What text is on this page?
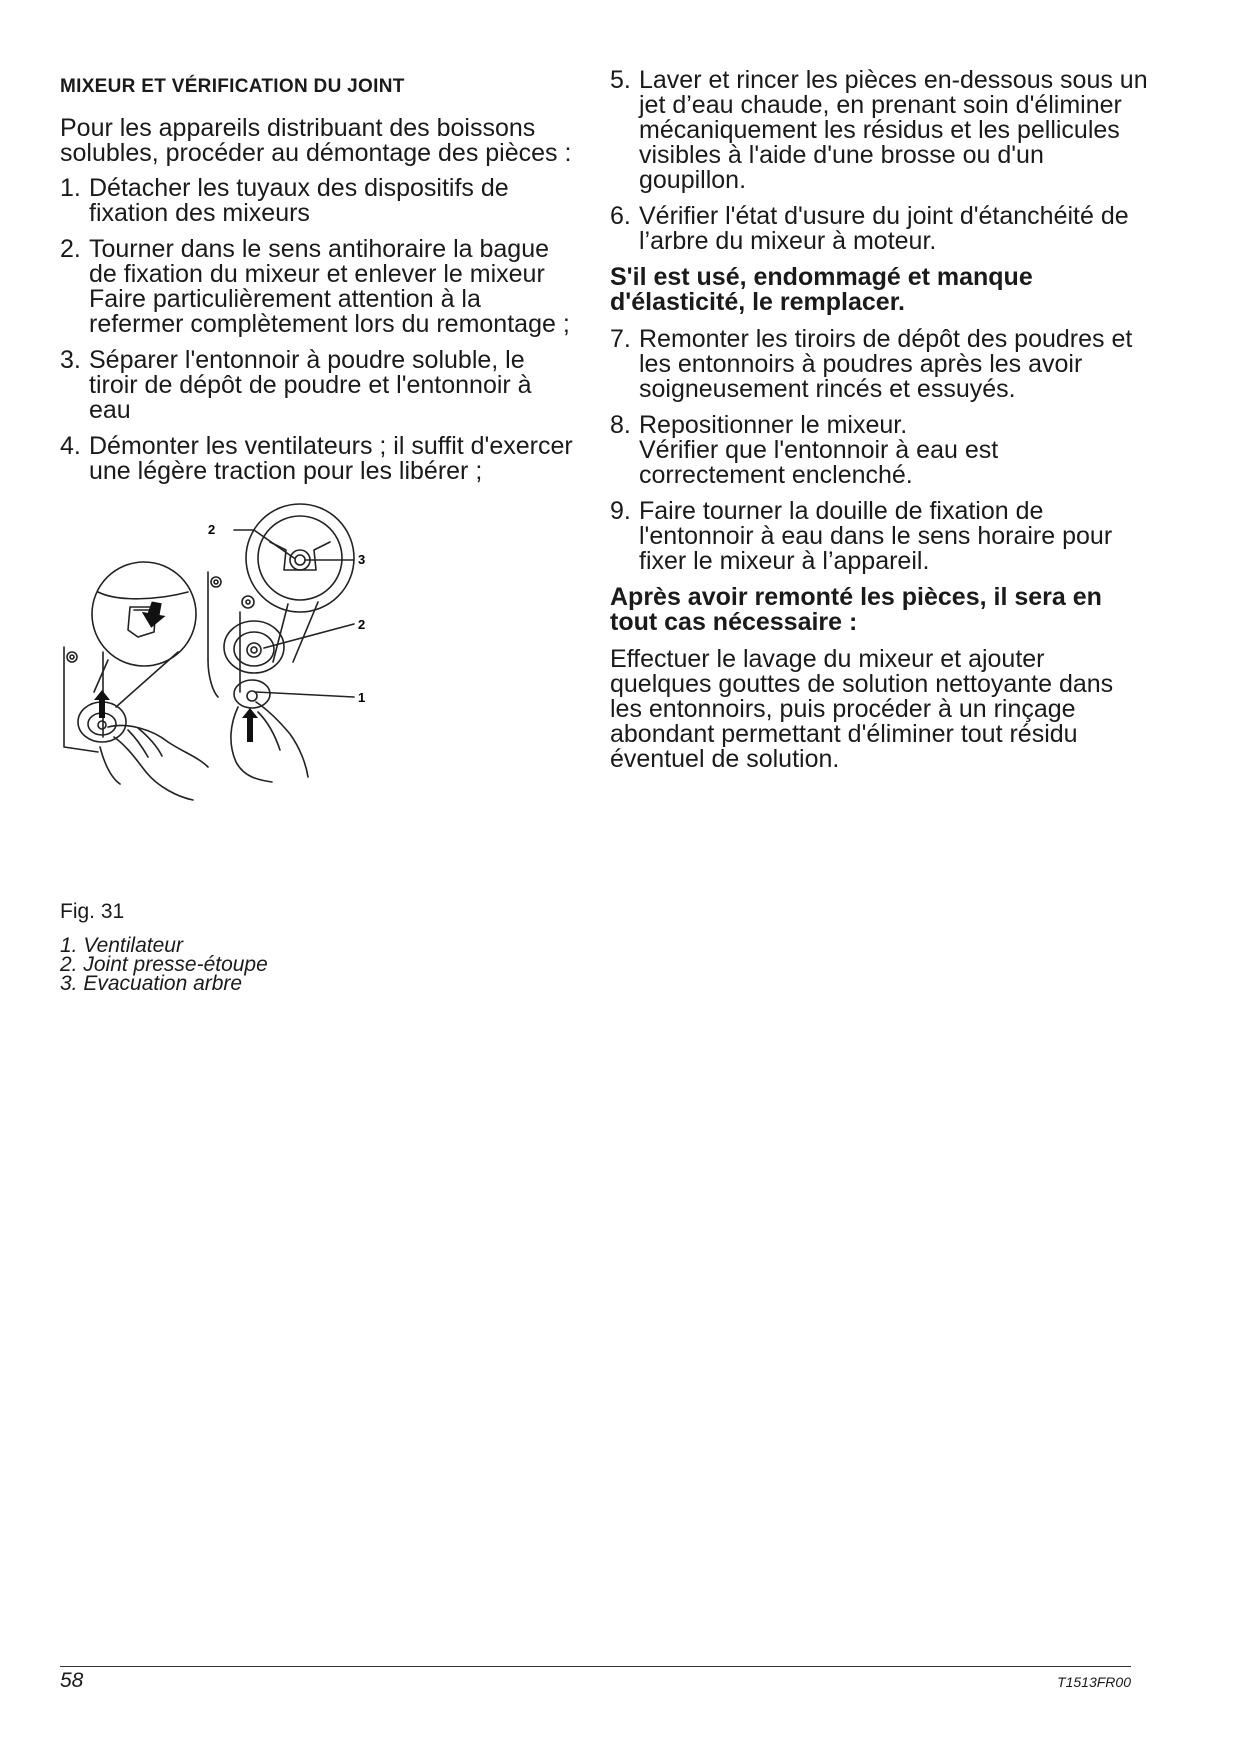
MIXEUR ET VÉRIFICATION DU JOINT

Pour les appareils distribuant des boissons solubles, procéder au démontage des pièces :

1. Détacher les tuyaux des dispositifs de fixation des mixeurs
2. Tourner dans le sens antihoraire la bague de fixation du mixeur et enlever le mixeur
Faire particulièrement attention à la refermer complètement lors du remontage ;
3. Séparer l'entonnoir à poudre soluble, le tiroir de dépôt de poudre et l'entonnoir à eau
4. Démonter les ventilateurs ; il suffit d'exercer une légère traction pour les libérer ;
2
3
2
1
Fig. 31
1. Ventilateur
2. Joint presse-étoupe
3. Evacuation arbre
5. Laver et rincer les pièces en-dessous sous un jet d’eau chaude, en prenant soin d'éliminer mécaniquement les résidus et les pellicules visibles à l'aide d'une brosse ou d'un goupillon.
6. Vérifier l'état d'usure du joint d'étanchéité de l’arbre du mixeur à moteur.

S'il est usé, endommagé et manque d'élasticité, le remplacer.

7. Remonter les tiroirs de dépôt des poudres et les entonnoirs à poudres après les avoir soigneusement rincés et essuyés.
8. Repositionner le mixeur.
Vérifier que l'entonnoir à eau est correctement enclenché.
9. Faire tourner la douille de fixation de l'entonnoir à eau dans le sens horaire pour fixer le mixeur à l’appareil.

Après avoir remonté les pièces, il sera en tout cas nécessaire :

Effectuer le lavage du mixeur et ajouter quelques gouttes de solution nettoyante dans les entonnoirs, puis procéder à un rinçage abondant permettant d'éliminer tout résidu éventuel de solution.

58	T1513FR00
